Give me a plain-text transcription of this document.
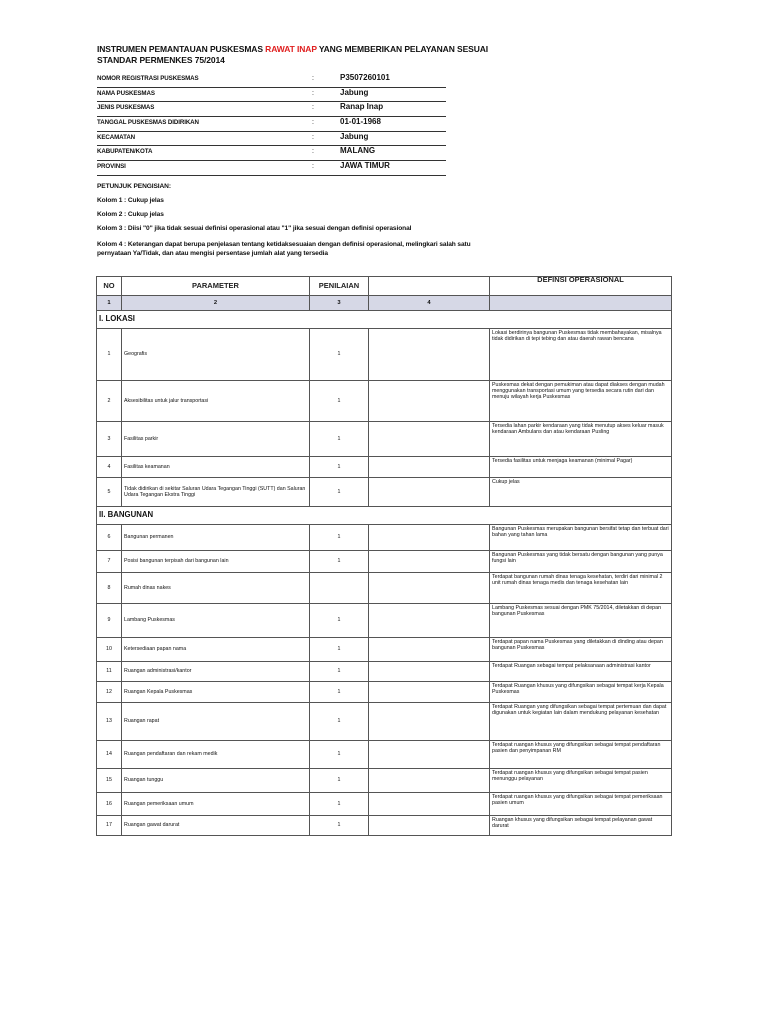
INSTRUMEN PEMANTAUAN PUSKESMAS RAWAT INAP YANG MEMBERIKAN PELAYANAN SESUAI
STANDAR PERMENKES 75/2014
NOMOR REGISTRASI PUSKESMAS	:	P3507260101
NAMA PUSKESMAS	:	Jabung
JENIS PUSKESMAS	:	Ranap Inap
TANGGAL PUSKESMAS DIDIRIKAN	:	01-01-1968
KECAMATAN	:	Jabung
KABUPATEN/KOTA	:	MALANG
PROVINSI	:	JAWA TIMUR
PETUNJUK PENGISIAN:
Kolom 1 : Cukup jelas
Kolom 2 : Cukup jelas
Kolom 3 : Diisi "0" jika tidak sesuai definisi operasional atau "1" jika sesuai dengan definisi operasional
Kolom 4 : Keterangan dapat berupa penjelasan tentang ketidaksesuaian dengan definisi operasional, melingkari salah satu pernyataan Ya/Tidak, dan atau mengisi persentase jumlah alat yang tersedia
NO	PARAMETER	PENILAIAN		DEFINSI OPERASIONAL
1	2	3	4	
I. LOKASI				
1	Geografis	1		Lokasi berdirinya bangunan Puskesmas tidak membahayakan, misalnya tidak didirikan di tepi tebing dan atau daerah rawan bencana
2	Aksesibilitas untuk jalur transportasi	1		Puskesmas dekat dengan pemukiman atau dapat diakses dengan mudah menggunakan transportasi umum yang tersedia secara rutin dari dan menuju wilayah kerja Puskesmas
3	Fasilitas parkir	1		Tersedia lahan parkir kendaraan yang tidak menutup akses keluar masuk kendaraan Ambulans dan atau kendaraan Pusling
4	Fasilitas keamanan	1		Tersedia fasilitas untuk menjaga keamanan (minimal Pagar)
5	Tidak didirikan di sekitar Saluran Udara Tegangan Tinggi (SUTT) dan Saluran Udara Tegangan Ekstra Tinggi	1		Cukup jelas
II. BANGUNAN				
6	Bangunan permanen	1		Bangunan Puskesmas merupakan bangunan bersifat tetap dan terbuat dari bahan yang tahan lama
7	Posisi bangunan terpisah dari bangunan lain	1		Bangunan Puskesmas yang tidak bersatu dengan bangunan yang punya fungsi lain
8	Rumah dinas nakes			Terdapat bangunan rumah dinas tenaga kesehatan, terdiri dari minimal 2 unit rumah dinas tenaga medis dan tenaga kesehatan lain
9	Lambang Puskesmas	1		Lambang Puskesmas sesuai dengan PMK 75/2014, diletakkan di depan bangunan Puskesmas
10	Ketersediaan papan nama	1		Terdapat papan nama Puskesmas yang diletakkan di dinding atau depan bangunan Puskesmas
11	Ruangan administrasi/kantor	1		Terdapat Ruangan sebagai tempat pelaksanaan administrasi kantor
12	Ruangan Kepala Puskesmas	1		Terdapat Ruangan khusus yang difungsikan sebagai tempat kerja Kepala Puskesmas
13	Ruangan rapat	1		Terdapat Ruangan yang difungsikan sebagai tempat pertemuan dan dapat digunakan untuk kegiatan lain dalam mendukung pelayanan kesehatan
14	Ruangan pendaftaran dan rekam medik	1		Terdapat ruangan khusus yang difungsikan sebagai tempat pendaftaran pasien dan penyimpanan RM
15	Ruangan tunggu	1		Terdapat ruangan khusus yang difungsikan sebagai tempat pasien menunggu pelayanan
16	Ruangan pemeriksaan umum	1		Terdapat ruangan khusus yang difungsikan sebagai tempat pemeriksaan pasien umum
17	Ruangan gawat darurat	1		Ruangan khusus yang difungsikan sebagai tempat pelayanan gawat darurat
